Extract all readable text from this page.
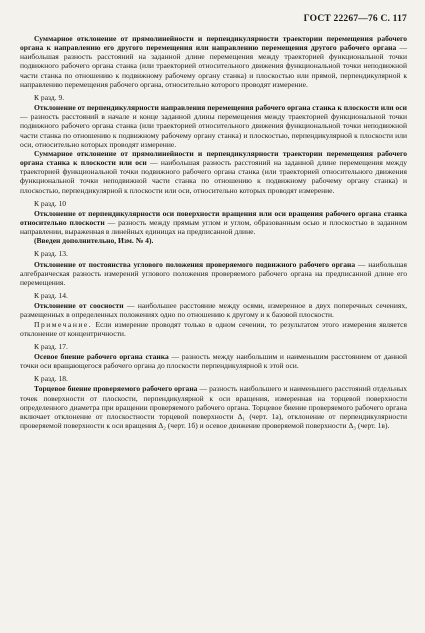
ГОСТ 22267—76 С. 117

Суммарное отклонение от прямолинейности и перпендикулярности траектории перемещения рабочего органа к направлению его другого перемещения или направлению перемещения другого рабочего органа — наибольшая разность расстояний на заданной длине перемещения между траекторией функциональной точки подвижного рабочего органа станка (или траекторией относительного движения функциональной точки неподвижной части станка по отношению к подвижному рабочему органу станка) и плоскостью или прямой, перпендикулярной к направлению перемещения рабочего органа, относительно которого проводят измерение.

К разд. 9.

Отклонение от перпендикулярности направления перемещения рабочего органа станка к плоскости или оси — разность расстояний в начале и конце заданной длины перемещения между траекторией функциональной точки подвижного рабочего органа станка (или траекторией относительного движения функциональной точки неподвижной части станка по отношению к подвижному рабочему органу станка) и плоскостью, перпендикулярной к плоскости или оси, относительно которых проводят измерение.

Суммарное отклонение от прямолинейности и перпендикулярности траектории перемещения рабочего органа станка к плоскости или оси — наибольшая разность расстояний на заданной длине перемещения между траекторией функциональной точки подвижного рабочего органа станка (или траекторией относительного движения функциональной точки неподвижной части станка по отношению к подвижному рабочему органу станка) и плоскостью, перпендикулярной к плоскости или оси, относительно которых проводят измерение.

К разд. 10

Отклонение от перпендикулярности оси поверхности вращения или оси вращения рабочего органа станка относительно плоскости — разность между прямым углом и углом, образованным осью и плоскостью в заданном направлении, выраженная в линейных единицах на предписанной длине.

(Введен дополнительно, Изм. № 4).

К разд. 13.

Отклонение от постоянства углового положения проверяемого подвижного рабочего органа — наибольшая алгебраическая разность измерений углового положения проверяемого рабочего органа на предписанной длине его перемещения.

К разд. 14.

Отклонение от соосности — наибольшее расстояние между осями, измеренное в двух поперечных сечениях, размещенных в определенных положениях одно по отношению к другому и к базовой плоскости.

Примечание. Если измерение проводят только в одном сечении, то результатом этого измерения является отклонение от концентричности.

К разд. 17.

Осевое биение рабочего органа станка — разность между наибольшим и наименьшим расстоянием от данной точки оси вращающегося рабочего органа до плоскости перпендикулярной к этой оси.

К разд. 18.

Торцевое биение проверяемого рабочего органа — разность наибольшего и наименьшего расстояний отдельных точек поверхности от плоскости, перпендикулярной к оси вращения, измеренная на торцевой поверхности определенного диаметра при вращении проверяемого рабочего органа. Торцевое биение проверяемого рабочего органа включает отклонение от плоскостности торцевой поверхности Δ₁ (черт. 1а), отклонение от перпендикулярности проверяемой поверхности к оси вращения Δ₂ (черт. 1б) и осевое движение проверяемой поверхности Δ₃ (черт. 1в).
